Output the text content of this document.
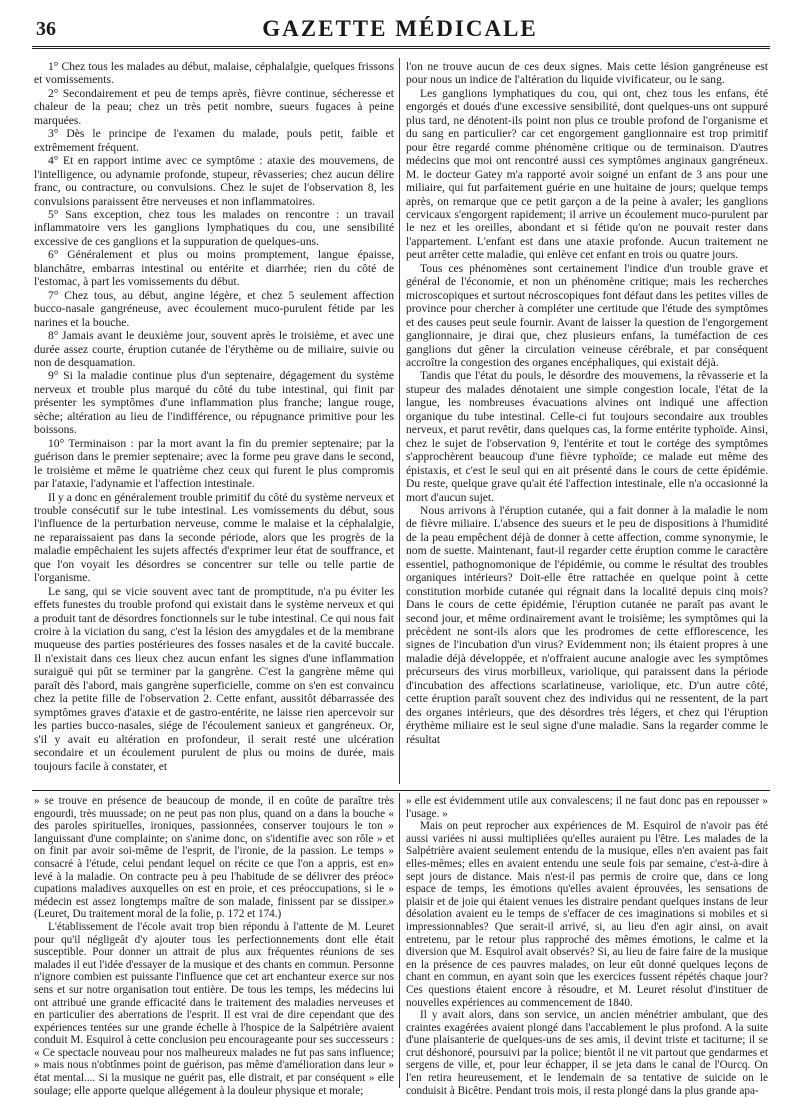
36	GAZETTE MÉDICALE

1° Chez tous les malades au début, malaise, céphalalgie, quelques frissons et vomissements.

2° Secondairement et peu de temps après, fièvre continue, sécheresse et chaleur de la peau; chez un très petit nombre, sueurs fugaces à peine marquées.

3° Dès le principe de l'examen du malade, pouls petit, faible et extrêmement fréquent.

4° Et en rapport intime avec ce symptôme : ataxie des mouvemens, de l'intelligence, ou adynamie profonde, stupeur, rêvasseries; chez aucun délire franc, ou contracture, ou convulsions. Chez le sujet de l'observation 8, les convulsions paraissent être nerveuses et non inflammatoires.

5° Sans exception, chez tous les malades on rencontre : un travail inflammatoire vers les ganglions lymphatiques du cou, une sensibilité excessive de ces ganglions et la suppuration de quelques-uns.

6° Généralement et plus ou moins promptement, langue épaisse, blanchâtre, embarras intestinal ou entérite et diarrhée; rien du côté de l'estomac, à part les vomissements du début.

7° Chez tous, au début, angine légère, et chez 5 seulement affection bucco-nasale gangréneuse, avec écoulement muco-purulent fétide par les narines et la bouche.

8° Jamais avant le deuxième jour, souvent après le troisième, et avec une durée assez courte, éruption cutanée de l'érythème ou de miliaire, suivie ou non de desquamation.

9° Si la maladie continue plus d'un septenaire, dégagement du système nerveux et trouble plus marqué du côté du tube intestinal, qui finit par présenter les symptômes d'une inflammation plus franche; langue rouge, sèche; altération au lieu de l'indifférence, ou répugnance primitive pour les boissons.

10° Terminaison : par la mort avant la fin du premier septenaire; par la guérison dans le premier septenaire; avec la forme peu grave dans le second, le troisième et même le quatrième chez ceux qui furent le plus compromis par l'ataxie, l'adynamie et l'affection intestinale.

Il y a donc en généralement trouble primitif du côté du système nerveux et trouble consécutif sur le tube intestinal. Les vomissements du début, sous l'influence de la perturbation nerveuse, comme le malaise et la céphalalgie, ne reparaissaient pas dans la seconde période, alors que les progrès de la maladie empêchaient les sujets affectés d'exprimer leur état de souffrance, et que l'on voyait les désordres se concentrer sur telle ou telle partie de l'organisme.

Le sang, qui se vicie souvent avec tant de promptitude, n'a pu éviter les effets funestes du trouble profond qui existait dans le système nerveux et qui a produit tant de désordres fonctionnels sur le tube intestinal. Ce qui nous fait croire à la viciation du sang, c'est la lésion des amygdales et de la membrane muqueuse des parties postérieures des fosses nasales et de la cavité buccale. Il n'existait dans ces lieux chez aucun enfant les signes d'une inflammation suraiguë qui pût se terminer par la gangrène. C'est la gangrène même qui paraît dès l'abord, mais gangrène superficielle, comme on s'en est convaincu chez la petite fille de l'observation 2. Cette enfant, aussitôt débarrassée des symptômes graves d'ataxie et de gastro-entérite, ne laisse rien apercevoir sur les parties bucco-nasales, siége de l'écoulement sanieux et gangréneux. Or, s'il y avait eu altération en profondeur, il serait resté une ulcération secondaire et un écoulement purulent de plus ou moins de durée, mais toujours facile à constater, et

l'on ne trouve aucun de ces deux signes. Mais cette lésion gangréneuse est pour nous un indice de l'altération du liquide vivificateur, ou le sang.

Les ganglions lymphatiques du cou, qui ont, chez tous les enfans, été engorgés et doués d'une excessive sensibilité, dont quelques-uns ont suppuré plus tard, ne dénotent-ils point non plus ce trouble profond de l'organisme et du sang en particulier? car cet engorgement ganglionnaire est trop primitif pour être regardé comme phénomène critique ou de terminaison. D'autres médecins que moi ont rencontré aussi ces symptômes anginaux gangréneux. M. le docteur Gatey m'a rapporté avoir soigné un enfant de 3 ans pour une miliaire, qui fut parfaitement guérie en une huitaine de jours; quelque temps après, on remarque que ce petit garçon a de la peine à avaler; les ganglions cervicaux s'engorgent rapidement; il arrive un écoulement muco-purulent par le nez et les oreilles, abondant et si fétide qu'on ne pouvait rester dans l'appartement. L'enfant est dans une ataxie profonde. Aucun traitement ne peut arrêter cette maladie, qui enlève cet enfant en trois ou quatre jours.

Tous ces phénomènes sont certainement l'indice d'un trouble grave et général de l'économie, et non un phénomène critique; mais les recherches microscopiques et surtout nécroscopiques font défaut dans les petites villes de province pour chercher à compléter une certitude que l'étude des symptômes et des causes peut seule fournir. Avant de laisser la question de l'engorgement ganglionnaire, je dirai que, chez plusieurs enfans, la tuméfaction de ces ganglions dut gêner la circulation veineuse cérébrale, et par conséquent accroître la congestion des organes encéphaliques, qui existait déjà.

Tandis que l'état du pouls, le désordre des mouvemens, la rêvasserie et la stupeur des malades dénotaient une simple congestion locale, l'état de la langue, les nombreuses évacuations alvines ont indiqué une affection organique du tube intestinal. Celle-ci fut toujours secondaire aux troubles nerveux, et parut revêtir, dans quelques cas, la forme entérite typhoïde. Ainsi, chez le sujet de l'observation 9, l'entérite et tout le cortége des symptômes s'approchèrent beaucoup d'une fièvre typhoïde; ce malade eut même des épistaxis, et c'est le seul qui en ait présenté dans le cours de cette épidémie. Du reste, quelque grave qu'ait été l'affection intestinale, elle n'a occasionné la mort d'aucun sujet.

Nous arrivons à l'éruption cutanée, qui a fait donner à la maladie le nom de fièvre miliaire. L'absence des sueurs et le peu de dispositions à l'humidité de la peau empêchent déjà de donner à cette affection, comme synonymie, le nom de suette. Maintenant, faut-il regarder cette éruption comme le caractère essentiel, pathognomonique de l'épidémie, ou comme le résultat des troubles organiques intérieurs? Doit-elle être rattachée en quelque point à cette constitution morbide cutanée qui régnait dans la localité depuis cinq mois? Dans le cours de cette épidémie, l'éruption cutanée ne paraît pas avant le second jour, et même ordinairement avant le troisième; les symptômes qui la précèdent ne sont-ils alors que les prodromes de cette efflorescence, les signes de l'incubation d'un virus? Evidemment non; ils étaient propres à une maladie déjà développée, et n'offraient aucune analogie avec les symptômes précurseurs des virus morbilleux, variolique, qui paraissent dans la période d'incubation des affections scarlatineuse, variolique, etc. D'un autre côté, cette éruption paraît souvent chez des individus qui ne ressentent, de la part des organes intérieurs, que des désordres très légers, et chez qui l'éruption érythème miliaire est le seul signe d'une maladie. Sans la regarder comme le résultat

» se trouve en présence de beaucoup de monde, il en coûte de paraître très engourdi, très muussade; on ne peut pas non plus, quand on a dans la bouche « des paroles spirituelles, ironiques, passionnées, conserver toujours le ton » languissant d'une complainte; on s'anime donc, on s'identifie avec son rôle » et on finit par avoir soi-même de l'esprit, de l'ironie, de la passion. Le temps » consacré à l'étude, celui pendant lequel on récite ce que l'on a appris, est en» levé à la maladie. On contracte peu à peu l'habitude de se délivrer des préoc» cupations maladives auxquelles on est en proie, et ces préoccupations, si le » médecin est assez longtemps maître de son malade, finissent par se dissiper.» (Leuret, Du traitement moral de la folie, p. 172 et 174.)

L'établissement de l'école avait trop bien répondu à l'attente de M. Leuret pour qu'il négligeât d'y ajouter tous les perfectionnements dont elle était susceptible. Pour donner un attrait de plus aux fréquentes réunions de ses malades il eut l'idée d'essayer de la musique et des chants en commun. Personne n'ignore combien est puissante l'influence que cet art enchanteur exerce sur nos sens et sur notre organisation tout entière. De tous les temps, les médecins lui ont attribué une grande efficacité dans le traitement des maladies nerveuses et en particulier des aberrations de l'esprit. Il est vrai de dire cependant que des expériences tentées sur une grande échelle à l'hospice de la Salpétrière avaient conduit M. Esquirol à cette conclusion peu encourageante pour ses successeurs : « Ce spectacle nouveau pour nos malheureux malades ne fut pas sans influence; » mais nous n'obtînmes point de guérison, pas même d'amélioration dans leur » état mental.... Si la musique ne guérit pas, elle distrait, et par conséquent » elle soulage; elle apporte quelque allégement à la douleur physique et morale;

» elle est évidemment utile aux convalescens; il ne faut donc pas en repousser » l'usage. »

Mais on peut reprocher aux expériences de M. Esquirol de n'avoir pas été aussi variées ni aussi multipliées qu'elles auraient pu l'être. Les malades de la Salpétrière avaient seulement entendu de la musique, elles n'en avaient pas fait elles-mêmes; elles en avaient entendu une seule fois par semaine, c'est-à-dire à sept jours de distance. Mais n'est-il pas permis de croire que, dans ce long espace de temps, les émotions qu'elles avaient éprouvées, les sensations de plaisir et de joie qui étaient venues les distraire pendant quelques instans de leur désolation avaient eu le temps de s'effacer de ces imaginations si mobiles et si impressionnables? Que serait-il arrivé, si, au lieu d'en agir ainsi, on avait entretenu, par le retour plus rapproché des mêmes émotions, le calme et la diversion que M. Esquirol avait observés? Si, au lieu de faire faire de la musique en la présence de ces pauvres malades, on leur eût donné quelques leçons de chant en commun, en ayant soin que les exercices fussent répétés chaque jour? Ces questions étaient encore à résoudre, et M. Leuret résolut d'instituer de nouvelles expériences au commencement de 1840.

Il y avait alors, dans son service, un ancien ménétrier ambulant, que des craintes exagérées avaient plongé dans l'accablement le plus profond. A la suite d'une plaisanterie de quelques-uns de ses amis, il devint triste et taciturne; il se crut déshonoré, poursuivi par la police; bientôt il ne vit partout que gendarmes et sergens de ville, et, pour leur échapper, il se jeta dans le canal de l'Ourcq. On l'en retira heureusement, et le lendemain de sa tentative de suicide on le conduisit à Bicêtre. Pendant trois mois, il resta plongé dans la plus grande apa-
